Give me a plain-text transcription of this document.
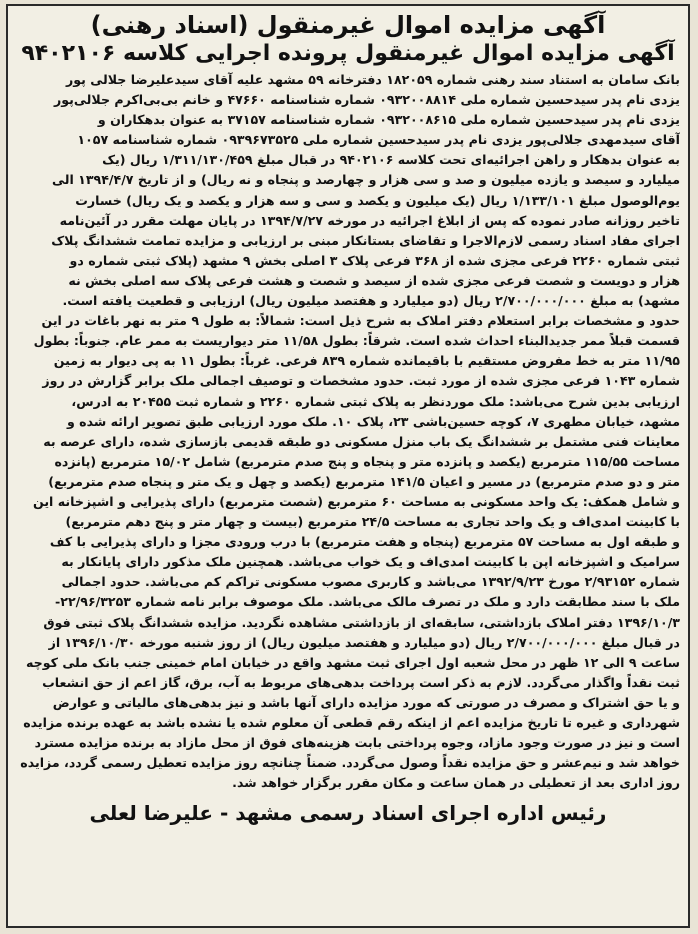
آگهی مزایده اموال غیرمنقول (اسناد رهنی)
آگهی مزایده اموال غیرمنقول پرونده اجرایی کلاسه ۹۴۰۲۱۰۶
بانک سامان به استناد سند رهنی شماره ۱۸۲۰۵۹ دفترخانه ۵۹ مشهد علیه آقای سیدعلیرضا جلالی پور
یزدی نام پدر سیدحسین شماره ملی ۰۹۳۲۰۰۸۸۱۴ شماره شناسنامه ۴۷۶۶۰ و خانم بی‌بی‌اکرم جلالی‌پور
یزدی نام پدر سیدحسین شماره ملی ۰۹۳۲۰۰۸۶۱۵ شماره شناسنامه ۳۷۱۵۷ به عنوان بدهکاران و
آقای سیدمهدی جلالی‌پور یزدی نام پدر سیدحسین شماره ملی ۰۹۳۹۶۷۳۵۲۵ شماره شناسنامه ۱۰۵۷
به عنوان بدهکار و راهن اجرائیه‌ای تحت کلاسه ۹۴۰۲۱۰۶ در قبال مبلغ ۱/۳۱۱/۱۳۰/۴۵۹ ریال (یک
میلیارد و سیصد و یازده میلیون و صد و سی هزار و چهارصد و پنجاه و نه ریال) و از تاریخ ۱۳۹۴/۴/۷ الی
یوم‌الوصول مبلغ ۱/۱۳۳/۱۰۱ ریال (یک میلیون و یکصد و سی و سه هزار و یکصد و یک ریال) خسارت
تاخیر روزانه صادر نموده که پس از ابلاغ اجرائیه در مورخه ۱۳۹۴/۷/۲۷ در پایان مهلت مقرر در آئین‌نامه
اجرای مفاد اسناد رسمی لازم‌الاجرا و تقاضای بستانکار مبنی بر ارزیابی و مزایده تمامت ششدانگ پلاک
ثبتی شماره ۲۲۶۰ فرعی مجزی شده از ۳۶۸ فرعی پلاک ۳ اصلی بخش ۹ مشهد (پلاک ثبتی شماره دو
هزار و دویست و شصت فرعی مجزی شده از سیصد و شصت و هشت فرعی پلاک سه اصلی بخش نه
مشهد) به مبلغ ۲/۷۰۰/۰۰۰/۰۰۰ ریال (دو میلیارد و هفتصد میلیون ریال) ارزیابی و قطعیت یافته است.
حدود و مشخصات برابر استعلام دفتر املاک به شرح ذیل است: شمالاً: به طول ۹ متر به نهر باغات در این
قسمت قبلاً ممر جدیدالبناء احداث شده است. شرقاً: بطول ۱۱/۵۸ متر دیواریست به ممر عام. جنوباً: بطول
۱۱/۹۵ متر به خط مفروض مستقیم با باقیمانده شماره ۸۳۹ فرعی. غرباً: بطول ۱۱ به پی دیوار به زمین
شماره ۱۰۴۳ فرعی مجزی شده از مورد ثبت. حدود مشخصات و توصیف اجمالی ملک برابر گزارش در روز
ارزیابی بدین شرح می‌باشد: ملک موردنظر به پلاک ثبتی شماره ۲۲۶۰ و شماره ثبت ۲۰۴۵۵ به ادرس،
مشهد، خیابان مطهری ۷، کوچه حسین‌باشی ۲۳، پلاک ۱۰. ملک مورد ارزیابی طبق تصویر ارائه شده و
معاینات فنی مشتمل بر ششدانگ یک باب منزل مسکونی دو طبقه قدیمی بازسازی شده، دارای عرصه به
مساحت ۱۱۵/۵۵ مترمربع (یکصد و پانزده متر و پنجاه و پنج صدم مترمربع) شامل ۱۵/۰۲ مترمربع (پانزده
متر و دو صدم مترمربع) در مسیر و اعیان ۱۴۱/۵ مترمربع (یکصد و چهل و یک متر و پنجاه صدم مترمربع)
و شامل همکف: یک واحد مسکونی به مساحت ۶۰ مترمربع (شصت مترمربع) دارای پذیرایی و اشپزخانه این
با کابینت امدی‌اف و یک واحد تجاری به مساحت ۲۴/۵ مترمربع (بیست و چهار متر و پنج دهم مترمربع)
و طبقه اول به مساحت ۵۷ مترمربع (پنجاه و هفت مترمربع) با درب ورودی مجزا و دارای پذیرایی با کف
سرامیک و اشپزخانه اپن با کابینت امدی‌اف و یک خواب می‌باشد. همچنین ملک مذکور دارای پایانکار به
شماره ۲/۹۳۱۵۲ مورخ ۱۳۹۲/۹/۲۳ می‌باشد و کاربری مصوب مسکونی تراکم کم می‌باشد. حدود اجمالی
ملک با سند مطابقت دارد و ملک در تصرف مالک می‌باشد. ملک موصوف برابر نامه شماره ۲۲/۹۶/۳۲۵۳-
۱۳۹۶/۱۰/۳ دفتر املاک بازداشتی، سابقه‌ای از بازداشتی مشاهده نگردید. مزایده ششدانگ پلاک ثبتی فوق
در قبال مبلغ ۲/۷۰۰/۰۰۰/۰۰۰ ریال (دو میلیارد و هفتصد میلیون ریال) از روز شنبه مورخه ۱۳۹۶/۱۰/۳۰ از
ساعت ۹ الی ۱۲ ظهر در محل شعبه اول اجرای ثبت مشهد واقع در خیابان امام خمینی جنب بانک ملی کوچه
ثبت نقداً واگذار می‌گردد. لازم به ذکر است پرداخت بدهی‌های مربوط به آب، برق، گاز اعم از حق انشعاب
و یا حق اشتراک و مصرف در صورتی که مورد مزایده دارای آنها باشد و نیز بدهی‌های مالیاتی و عوارض
شهرداری و غیره تا تاریخ مزایده اعم از اینکه رقم قطعی آن معلوم شده یا نشده باشد به عهده برنده مزایده
است و نیز در صورت وجود مازاد، وجوه پرداختی بابت هزینه‌های فوق از محل مازاد به برنده مزایده مسترد
خواهد شد و نیم‌عشر و حق مزایده نقداً وصول می‌گردد. ضمناً چنانچه روز مزایده تعطیل رسمی گردد، مزایده
روز اداری بعد از تعطیلی در همان ساعت و مکان مقرر برگزار خواهد شد.
رئیس اداره اجرای اسناد رسمی مشهد - علیرضا لعلی
